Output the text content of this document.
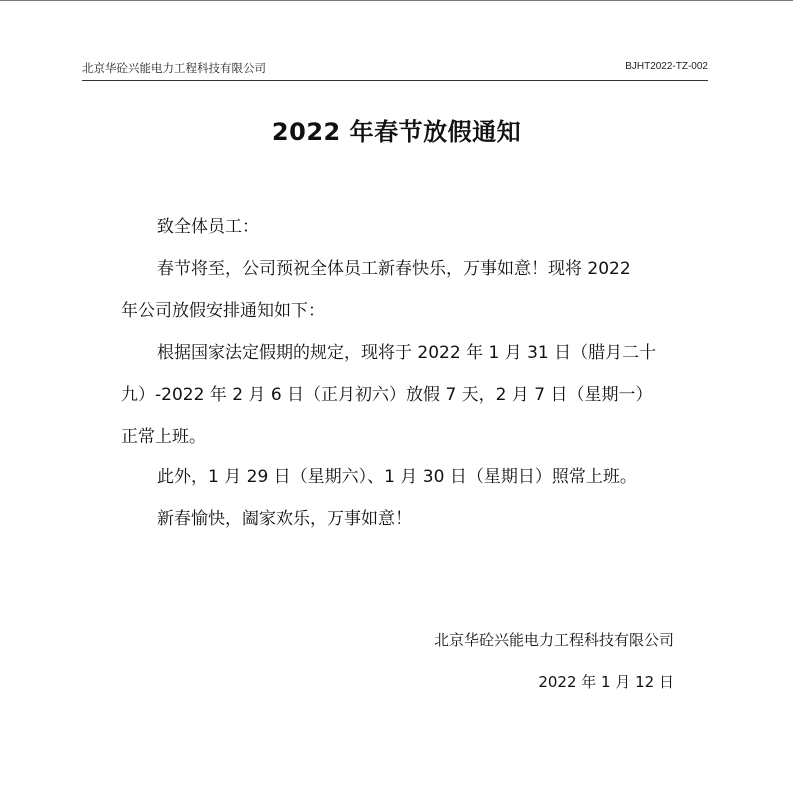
北京华砼兴能电力工程科技有限公司	BJHT2022-TZ-002
2022 年春节放假通知
致全体员工：
春节将至，公司预祝全体员工新春快乐，万事如意！现将 2022
年公司放假安排通知如下：
根据国家法定假期的规定，现将于 2022 年 1 月 31 日（腊月二十
九）-2022 年 2 月 6 日（正月初六）放假 7 天，2 月 7 日（星期一）
正常上班。
此外，1 月 29 日（星期六）、1 月 30 日（星期日）照常上班。
新春愉快，阖家欢乐，万事如意！
北京华砼兴能电力工程科技有限公司
2022 年 1 月 12 日
